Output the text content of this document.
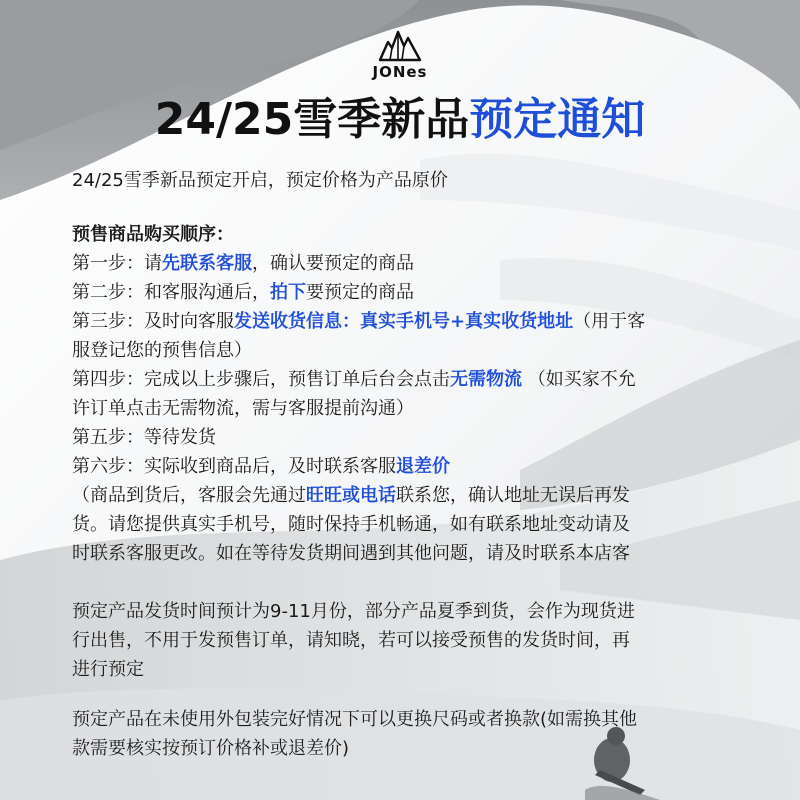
JONes
24/25雪季新品预定通知
24/25雪季新品预定开启，预定价格为产品原价
预售商品购买顺序：
第一步：请先联系客服，确认要预定的商品
第二步：和客服沟通后，拍下要预定的商品
第三步：及时向客服发送收货信息：真实手机号+真实收货地址（用于客
服登记您的预售信息）
第四步：完成以上步骤后，预售订单后台会点击无需物流 （如买家不允
许订单点击无需物流，需与客服提前沟通）
第五步：等待发货
第六步：实际收到商品后，及时联系客服退差价
（商品到货后，客服会先通过旺旺或电话联系您，确认地址无误后再发
货。请您提供真实手机号，随时保持手机畅通，如有联系地址变动请及
时联系客服更改。如在等待发货期间遇到其他问题，请及时联系本店客
预定产品发货时间预计为9-11月份，部分产品夏季到货，会作为现货进
行出售，不用于发预售订单，请知晓，若可以接受预售的发货时间，再
进行预定
预定产品在未使用外包装完好情况下可以更换尺码或者换款(如需换其他
款需要核实按预订价格补或退差价)
